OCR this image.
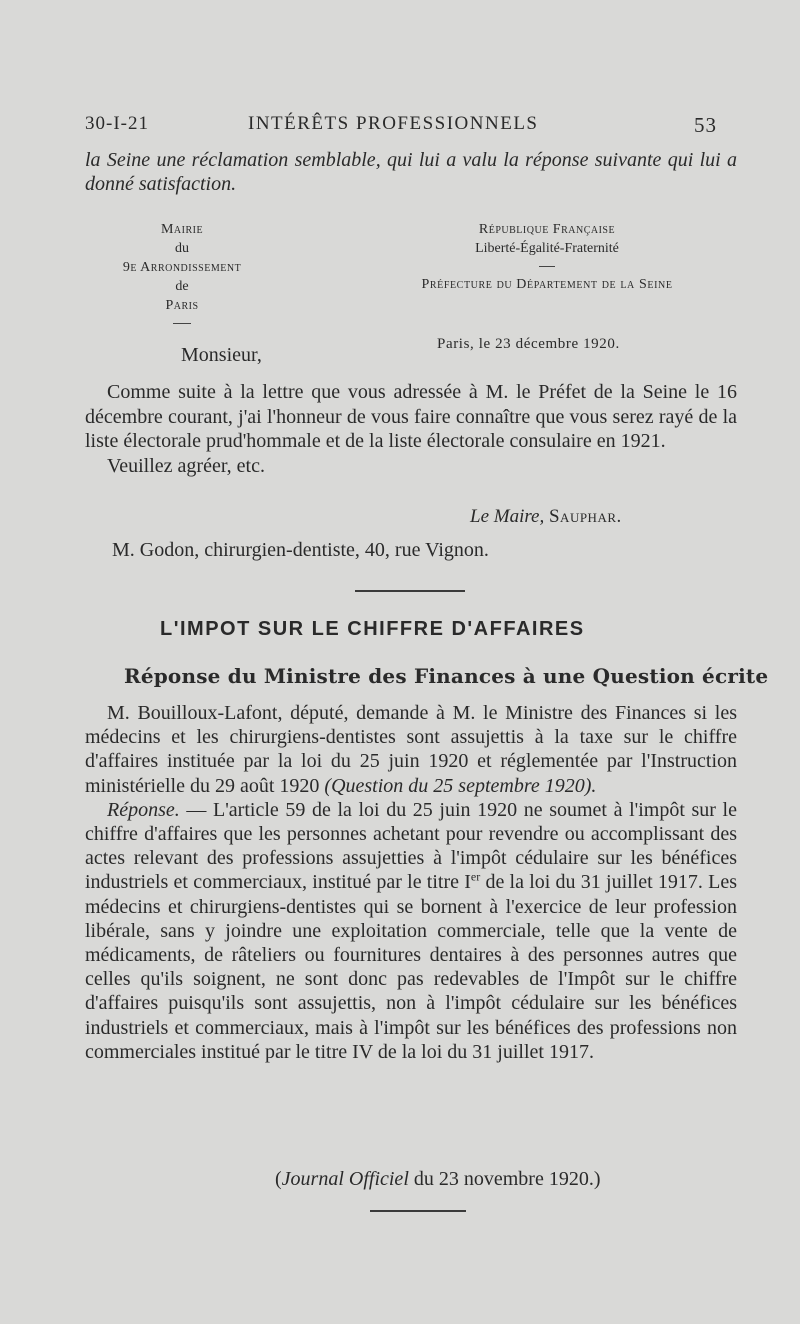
30-I-21	INTÉRÊTS PROFESSIONNELS	53
la Seine une réclamation semblable, qui lui a valu la réponse suivante qui lui a donné satisfaction.
Mairie
du
9e Arrondissement
de
Paris
République Française
Liberté-Égalité-Fraternité
Préfecture du Département de la Seine
Paris, le 23 décembre 1920.
Monsieur,

Comme suite à la lettre que vous adressée à M. le Préfet de la Seine le 16 décembre courant, j'ai l'honneur de vous faire connaître que vous serez rayé de la liste électorale prud'hommale et de la liste électorale consulaire en 1921.

Veuillez agréer, etc.

Le Maire, Sauphar.
M. Godon, chirurgien-dentiste, 40, rue Vignon.
L'IMPOT SUR LE CHIFFRE D'AFFAIRES
Réponse du Ministre des Finances à une Question écrite

M. Bouilloux-Lafont, député, demande à M. le Ministre des Finances si les médecins et les chirurgiens-dentistes sont assujettis à la taxe sur le chiffre d'affaires instituée par la loi du 25 juin 1920 et réglementée par l'Instruction ministérielle du 29 août 1920 (Question du 25 septembre 1920).

Réponse. — L'article 59 de la loi du 25 juin 1920 ne soumet à l'impôt sur le chiffre d'affaires que les personnes achetant pour revendre ou accomplissant des actes relevant des professions assujetties à l'impôt cédulaire sur les bénéfices industriels et commerciaux, institué par le titre Ier de la loi du 31 juillet 1917. Les médecins et chirurgiens-dentistes qui se bornent à l'exercice de leur profession libérale, sans y joindre une exploitation commerciale, telle que la vente de médicaments, de râteliers ou fournitures dentaires à des personnes autres que celles qu'ils soignent, ne sont donc pas redevables de l'Impôt sur le chiffre d'affaires puisqu'ils sont assujettis, non à l'impôt cédulaire sur les bénéfices industriels et commerciaux, mais à l'impôt sur les bénéfices des professions non commerciales institué par le titre IV de la loi du 31 juillet 1917.

(Journal Officiel du 23 novembre 1920.)
